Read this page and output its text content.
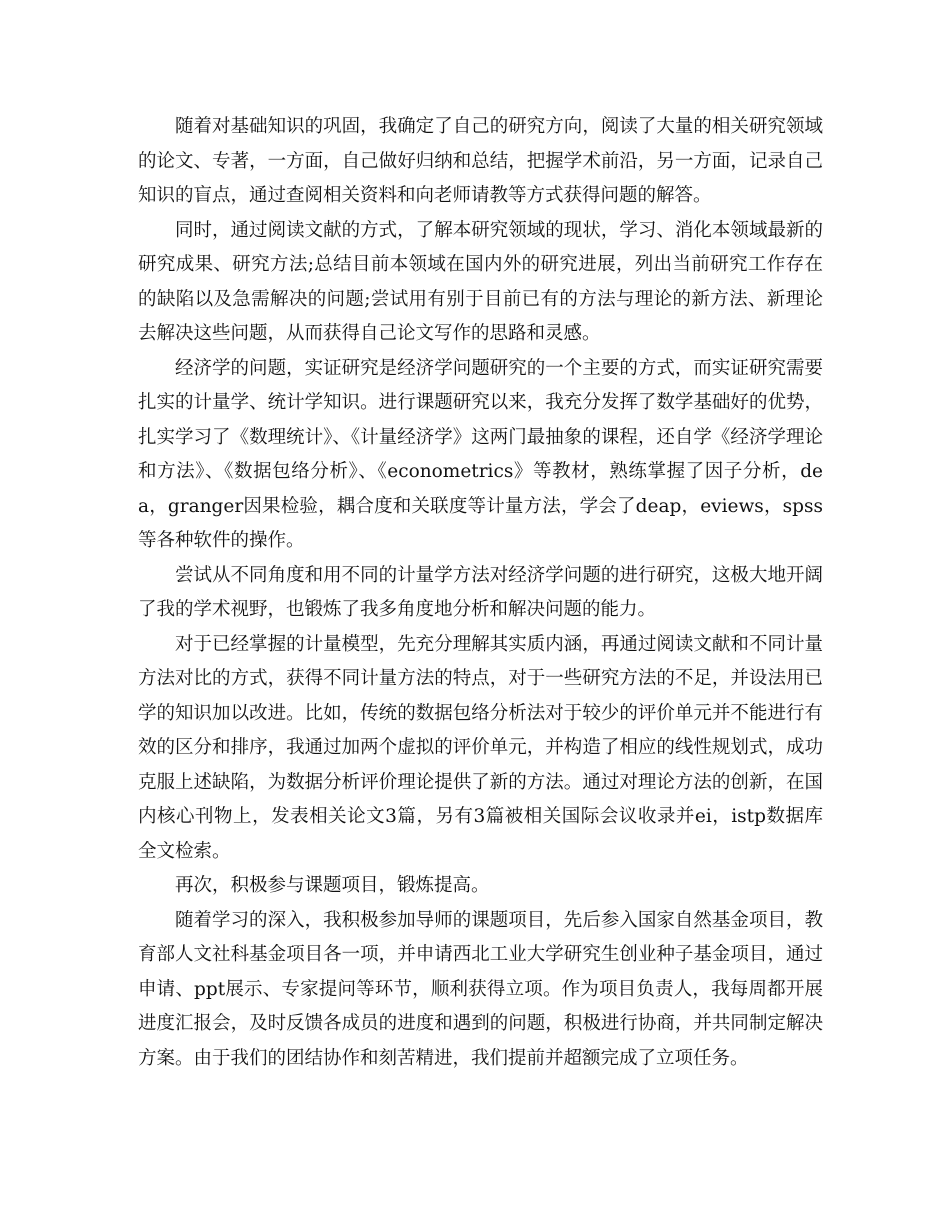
随着对基础知识的巩固，我确定了自己的研究方向，阅读了大量的相关研究领域的论文、专著，一方面，自己做好归纳和总结，把握学术前沿，另一方面，记录自己知识的盲点，通过查阅相关资料和向老师请教等方式获得问题的解答。

同时，通过阅读文献的方式，了解本研究领域的现状，学习、消化本领域最新的研究成果、研究方法;总结目前本领域在国内外的研究进展，列出当前研究工作存在的缺陷以及急需解决的问题;尝试用有别于目前已有的方法与理论的新方法、新理论去解决这些问题，从而获得自己论文写作的思路和灵感。

经济学的问题，实证研究是经济学问题研究的一个主要的方式，而实证研究需要扎实的计量学、统计学知识。进行课题研究以来，我充分发挥了数学基础好的优势，扎实学习了《数理统计》、《计量经济学》这两门最抽象的课程，还自学《经济学理论和方法》、《数据包络分析》、《econometrics》等教材，熟练掌握了因子分析，dea，granger因果检验，耦合度和关联度等计量方法，学会了deap，eviews，spss等各种软件的操作。

尝试从不同角度和用不同的计量学方法对经济学问题的进行研究，这极大地开阔了我的学术视野，也锻炼了我多角度地分析和解决问题的能力。

对于已经掌握的计量模型，先充分理解其实质内涵，再通过阅读文献和不同计量方法对比的方式，获得不同计量方法的特点，对于一些研究方法的不足，并设法用已学的知识加以改进。比如，传统的数据包络分析法对于较少的评价单元并不能进行有效的区分和排序，我通过加两个虚拟的评价单元，并构造了相应的线性规划式，成功克服上述缺陷，为数据分析评价理论提供了新的方法。通过对理论方法的创新，在国内核心刊物上，发表相关论文3篇，另有3篇被相关国际会议收录并ei，istp数据库全文检索。

再次，积极参与课题项目，锻炼提高。

随着学习的深入，我积极参加导师的课题项目，先后参入国家自然基金项目，教育部人文社科基金项目各一项，并申请西北工业大学研究生创业种子基金项目，通过申请、ppt展示、专家提问等环节，顺利获得立项。作为项目负责人，我每周都开展进度汇报会，及时反馈各成员的进度和遇到的问题，积极进行协商，并共同制定解决方案。由于我们的团结协作和刻苦精进，我们提前并超额完成了立项任务。
